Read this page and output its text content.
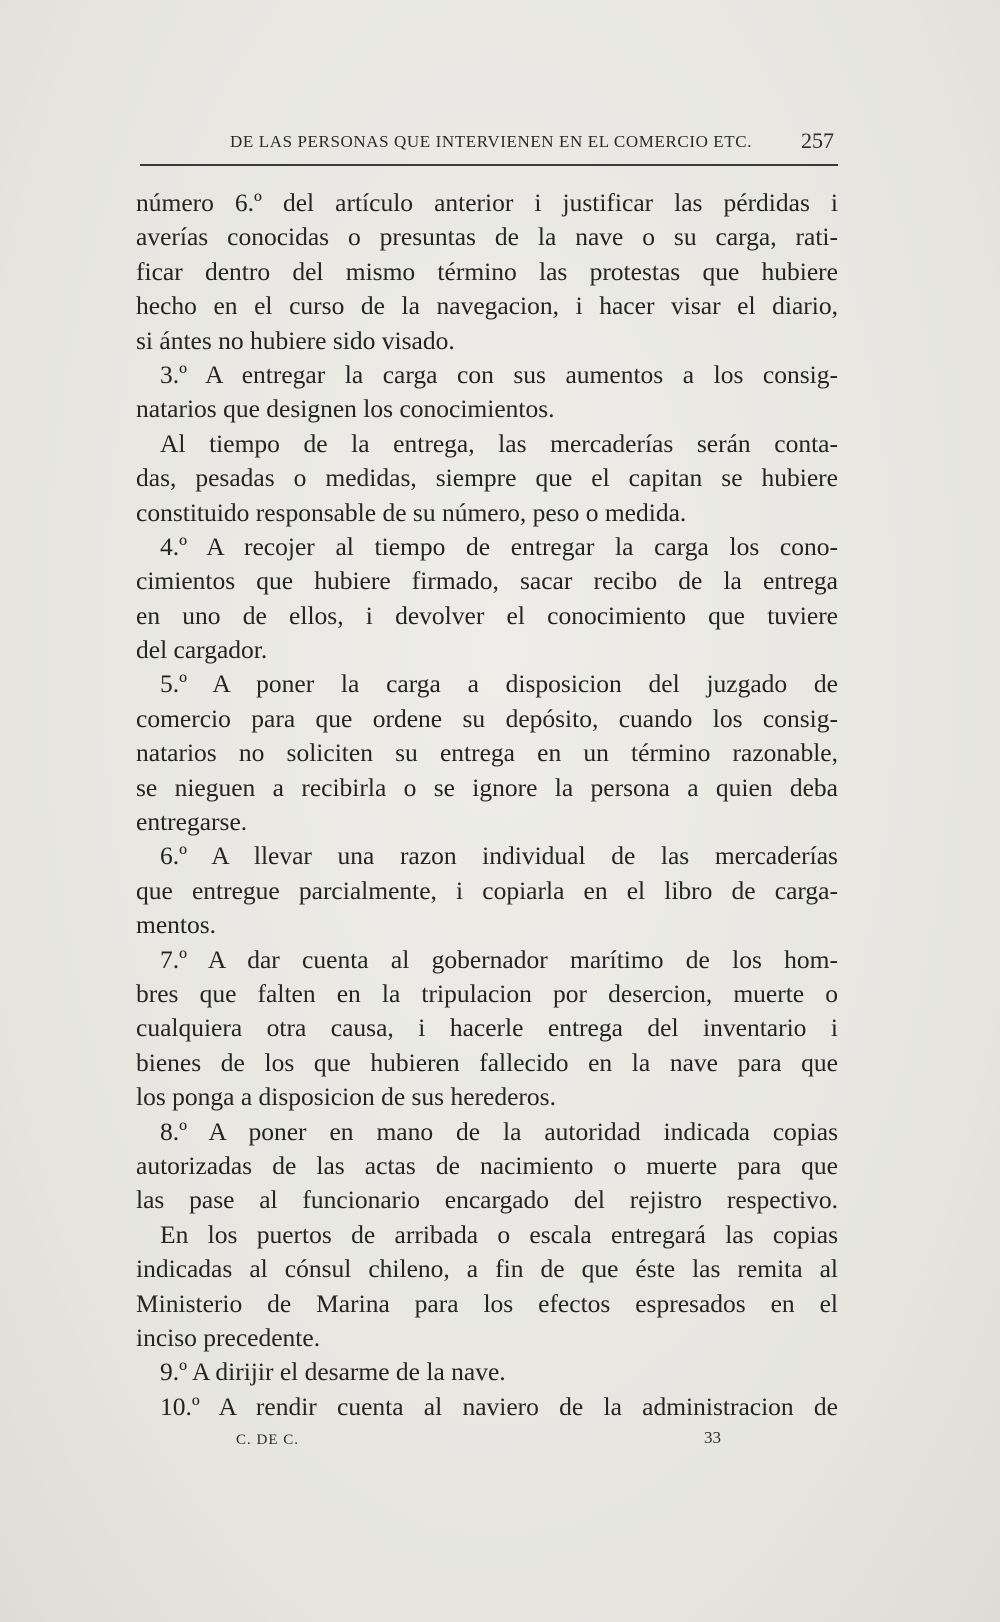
DE LAS PERSONAS QUE INTERVIENEN EN EL COMERCIO ETC. 257
número 6.º del artículo anterior i justificar las pérdidas i
averías conocidas o presuntas de la nave o su carga, rati-
ficar dentro del mismo término las protestas que hubiere
hecho en el curso de la navegacion, i hacer visar el diario,
si ántes no hubiere sido visado.
3.º A entregar la carga con sus aumentos a los consig-
natarios que designen los conocimientos.
Al tiempo de la entrega, las mercaderías serán conta-
das, pesadas o medidas, siempre que el capitan se hubiere
constituido responsable de su número, peso o medida.
4.º A recojer al tiempo de entregar la carga los cono-
cimientos que hubiere firmado, sacar recibo de la entrega
en uno de ellos, i devolver el conocimiento que tuviere
del cargador.
5.º A poner la carga a disposicion del juzgado de
comercio para que ordene su depósito, cuando los consig-
natarios no soliciten su entrega en un término razonable,
se nieguen a recibirla o se ignore la persona a quien deba
entregarse.
6.º A llevar una razon individual de las mercaderías
que entregue parcialmente, i copiarla en el libro de carga-
mentos.
7.º A dar cuenta al gobernador marítimo de los hom-
bres que falten en la tripulacion por desercion, muerte o
cualquiera otra causa, i hacerle entrega del inventario i
bienes de los que hubieren fallecido en la nave para que
los ponga a disposicion de sus herederos.
8.º A poner en mano de la autoridad indicada copias
autorizadas de las actas de nacimiento o muerte para que
las pase al funcionario encargado del rejistro respectivo.
En los puertos de arribada o escala entregará las copias
indicadas al cónsul chileno, a fin de que éste las remita al
Ministerio de Marina para los efectos espresados en el
inciso precedente.
9.º A dirijir el desarme de la nave.
10.º A rendir cuenta al naviero de la administracion de
C. DE C.	33
